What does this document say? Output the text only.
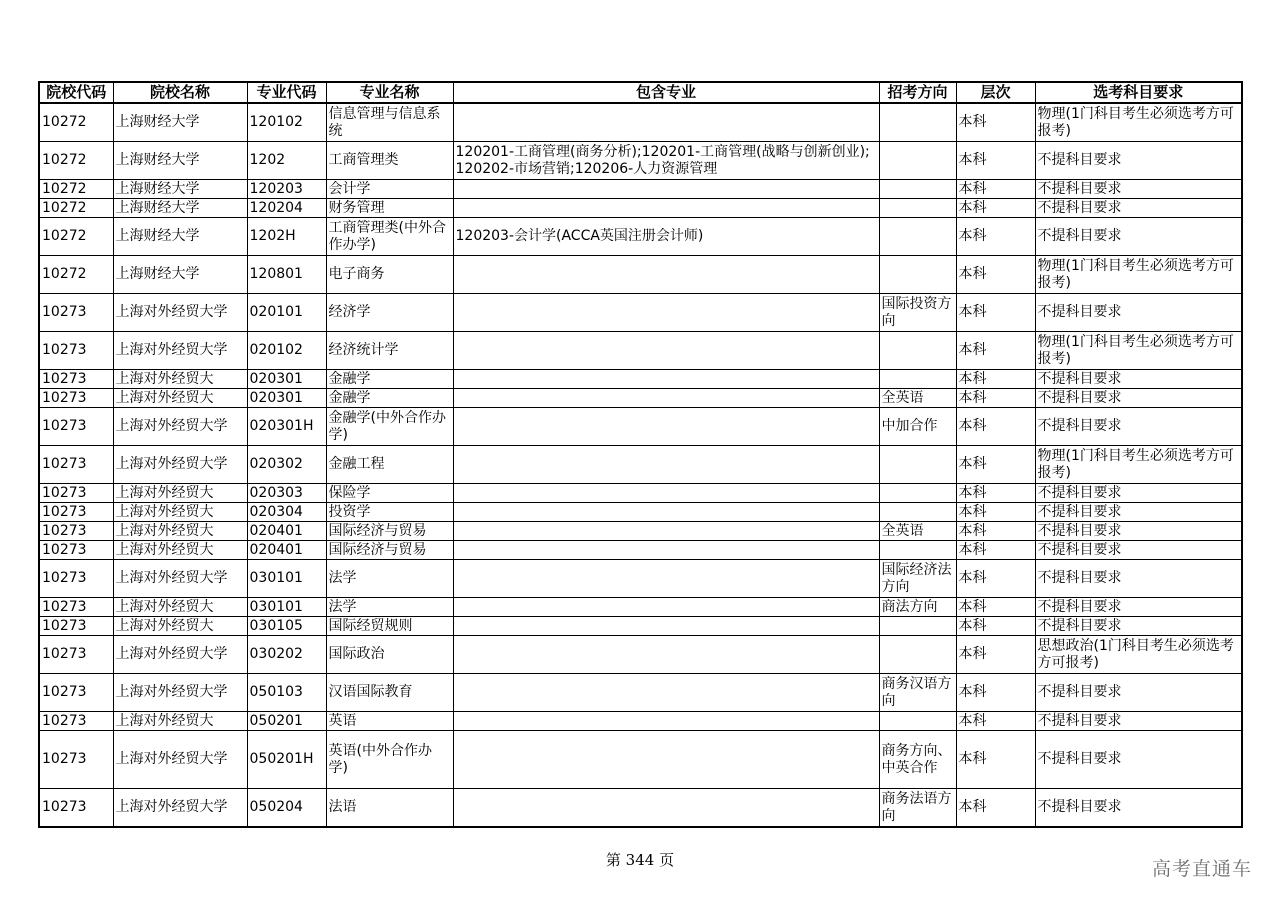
院校代码	院校名称	专业代码	专业名称	包含专业	招考方向	层次	选考科目要求
10272	上海财经大学	120102	信息管理与信息系统			本科	物理(1门科目考生必须选考方可报考)
10272	上海财经大学	1202	工商管理类	120201-工商管理(商务分析);120201-工商管理(战略与创新创业);120202-市场营销;120206-人力资源管理		本科	不提科目要求
10272	上海财经大学	120203	会计学			本科	不提科目要求
10272	上海财经大学	120204	财务管理			本科	不提科目要求
10272	上海财经大学	1202H	工商管理类(中外合作办学)	120203-会计学(ACCA英国注册会计师)		本科	不提科目要求
10272	上海财经大学	120801	电子商务			本科	物理(1门科目考生必须选考方可报考)
10273	上海对外经贸大学	020101	经济学		国际投资方向	本科	不提科目要求
10273	上海对外经贸大学	020102	经济统计学			本科	物理(1门科目考生必须选考方可报考)
10273	上海对外经贸大	020301	金融学			本科	不提科目要求
10273	上海对外经贸大	020301	金融学		全英语	本科	不提科目要求
10273	上海对外经贸大学	020301H	金融学(中外合作办学)		中加合作	本科	不提科目要求
10273	上海对外经贸大学	020302	金融工程			本科	物理(1门科目考生必须选考方可报考)
10273	上海对外经贸大	020303	保险学			本科	不提科目要求
10273	上海对外经贸大	020304	投资学			本科	不提科目要求
10273	上海对外经贸大	020401	国际经济与贸易		全英语	本科	不提科目要求
10273	上海对外经贸大	020401	国际经济与贸易			本科	不提科目要求
10273	上海对外经贸大学	030101	法学		国际经济法方向	本科	不提科目要求
10273	上海对外经贸大	030101	法学		商法方向	本科	不提科目要求
10273	上海对外经贸大	030105	国际经贸规则			本科	不提科目要求
10273	上海对外经贸大学	030202	国际政治			本科	思想政治(1门科目考生必须选考方可报考)
10273	上海对外经贸大学	050103	汉语国际教育		商务汉语方向	本科	不提科目要求
10273	上海对外经贸大	050201	英语			本科	不提科目要求
10273	上海对外经贸大学	050201H	英语(中外合作办学)		商务方向、中英合作	本科	不提科目要求
10273	上海对外经贸大学	050204	法语		商务法语方向	本科	不提科目要求
第 344 页	高考直通车
